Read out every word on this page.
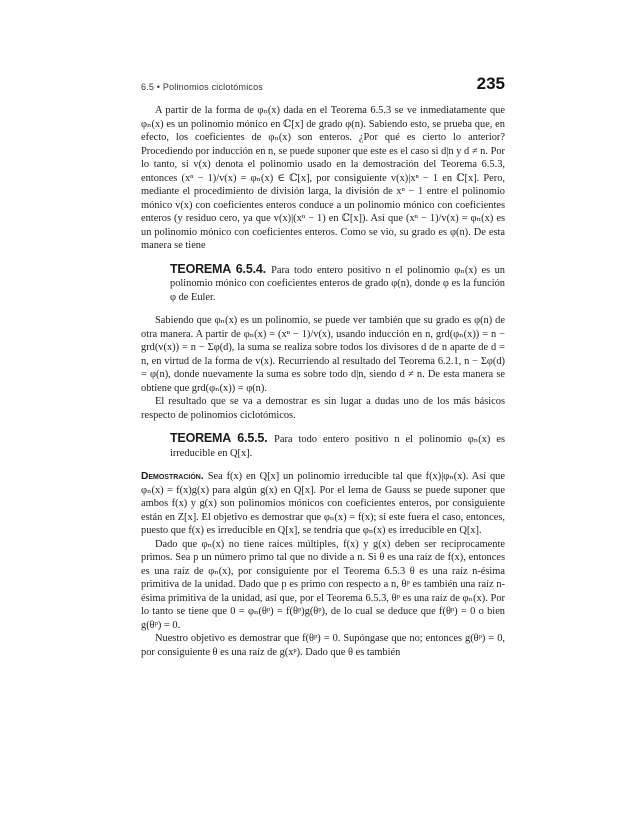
6.5 • Polinomios ciclotómicos	235

A partir de la forma de φₙ(x) dada en el Teorema 6.5.3 se ve inmediatamente que φₙ(x) es un polinomio mónico en ℂ[x] de grado φ(n). Sabiendo esto, se prueba que, en efecto, los coeficientes de φₙ(x) son enteros. ¿Por qué es cierto lo anterior? Procediendo por inducción en n, se puede suponer que este es el caso si d|n y d ≠ n. Por lo tanto, si v(x) denota el polinomio usado en la demostración del Teorema 6.5.3, entonces (xⁿ − 1)/v(x) = φₙ(x) ∈ ℂ[x], por consiguiente v(x)|xⁿ − 1 en ℂ[x]. Pero, mediante el procedimiento de división larga, la división de xⁿ − 1 entre el polinomio mónico v(x) con coeficientes enteros conduce a un polinomio mónico con coeficientes enteros (y residuo cero, ya que v(x)|(xⁿ − 1) en ℂ[x]). Así que (xⁿ − 1)/v(x) = φₙ(x) es un polinomio mónico con coeficientes enteros. Como se vio, su grado es φ(n). De esta manera se tiene

TEOREMA 6.5.4. Para todo entero positivo n el polinomio φₙ(x) es un polinomio mónico con coeficientes enteros de grado φ(n), donde φ es la función φ de Euler.

Sabiendo que φₙ(x) es un polinomio, se puede ver también que su grado es φ(n) de otra manera. A partir de φₙ(x) = (xⁿ − 1)/v(x), usando inducción en n, grd(φₙ(x)) = n − grd(v(x)) = n − Σφ(d), la suma se realiza sobre todos los divisores d de n aparte de d = n, en virtud de la forma de v(x). Recurriendo al resultado del Teorema 6.2.1, n − Σφ(d) = φ(n), donde nuevamente la suma es sobre todo d|n, siendo d ≠ n. De esta manera se obtiene que grd(φₙ(x)) = φ(n).

El resultado que se va a demostrar es sin lugar a dudas uno de los más básicos respecto de polinomios ciclotómicos.

TEOREMA 6.5.5. Para todo entero positivo n el polinomio φₙ(x) es irreducible en Q[x].

Demostración. Sea f(x) en Q[x] un polinomio irreducible tal que f(x)|φₙ(x). Así que φₙ(x) = f(x)g(x) para algún g(x) en Q[x]. Por el lema de Gauss se puede suponer que ambos f(x) y g(x) son polinomios mónicos con coeficientes enteros, por consiguiente están en Z[x]. El objetivo es demostrar que φₙ(x) = f(x); si este fuera el caso, entonces, puesto que f(x) es irreducible en Q[x], se tendría que φₙ(x) es irreducible en Q[x].

Dado que φₙ(x) no tiene raíces múltiples, f(x) y g(x) deben ser recíprocamente primos. Sea p un número primo tal que no divide a n. Si θ es una raíz de f(x), entonces es una raíz de φₙ(x), por consiguiente por el Teorema 6.5.3 θ es una raíz n-ésima primitiva de la unidad. Dado que p es primo con respecto a n, θᵖ es también una raíz n-ésima primitiva de la unidad, así que, por el Teorema 6.5.3, θᵖ es una raíz de φₙ(x). Por lo tanto se tiene que 0 = φₙ(θᵖ) = f(θᵖ)g(θᵖ), de lo cual se deduce que f(θᵖ) = 0 o bien g(θᵖ) = 0.

Nuestro objetivo es demostrar que f(θᵖ) = 0. Supóngase que no; entonces g(θᵖ) = 0, por consiguiente θ es una raíz de g(xᵖ). Dado que θ es también
